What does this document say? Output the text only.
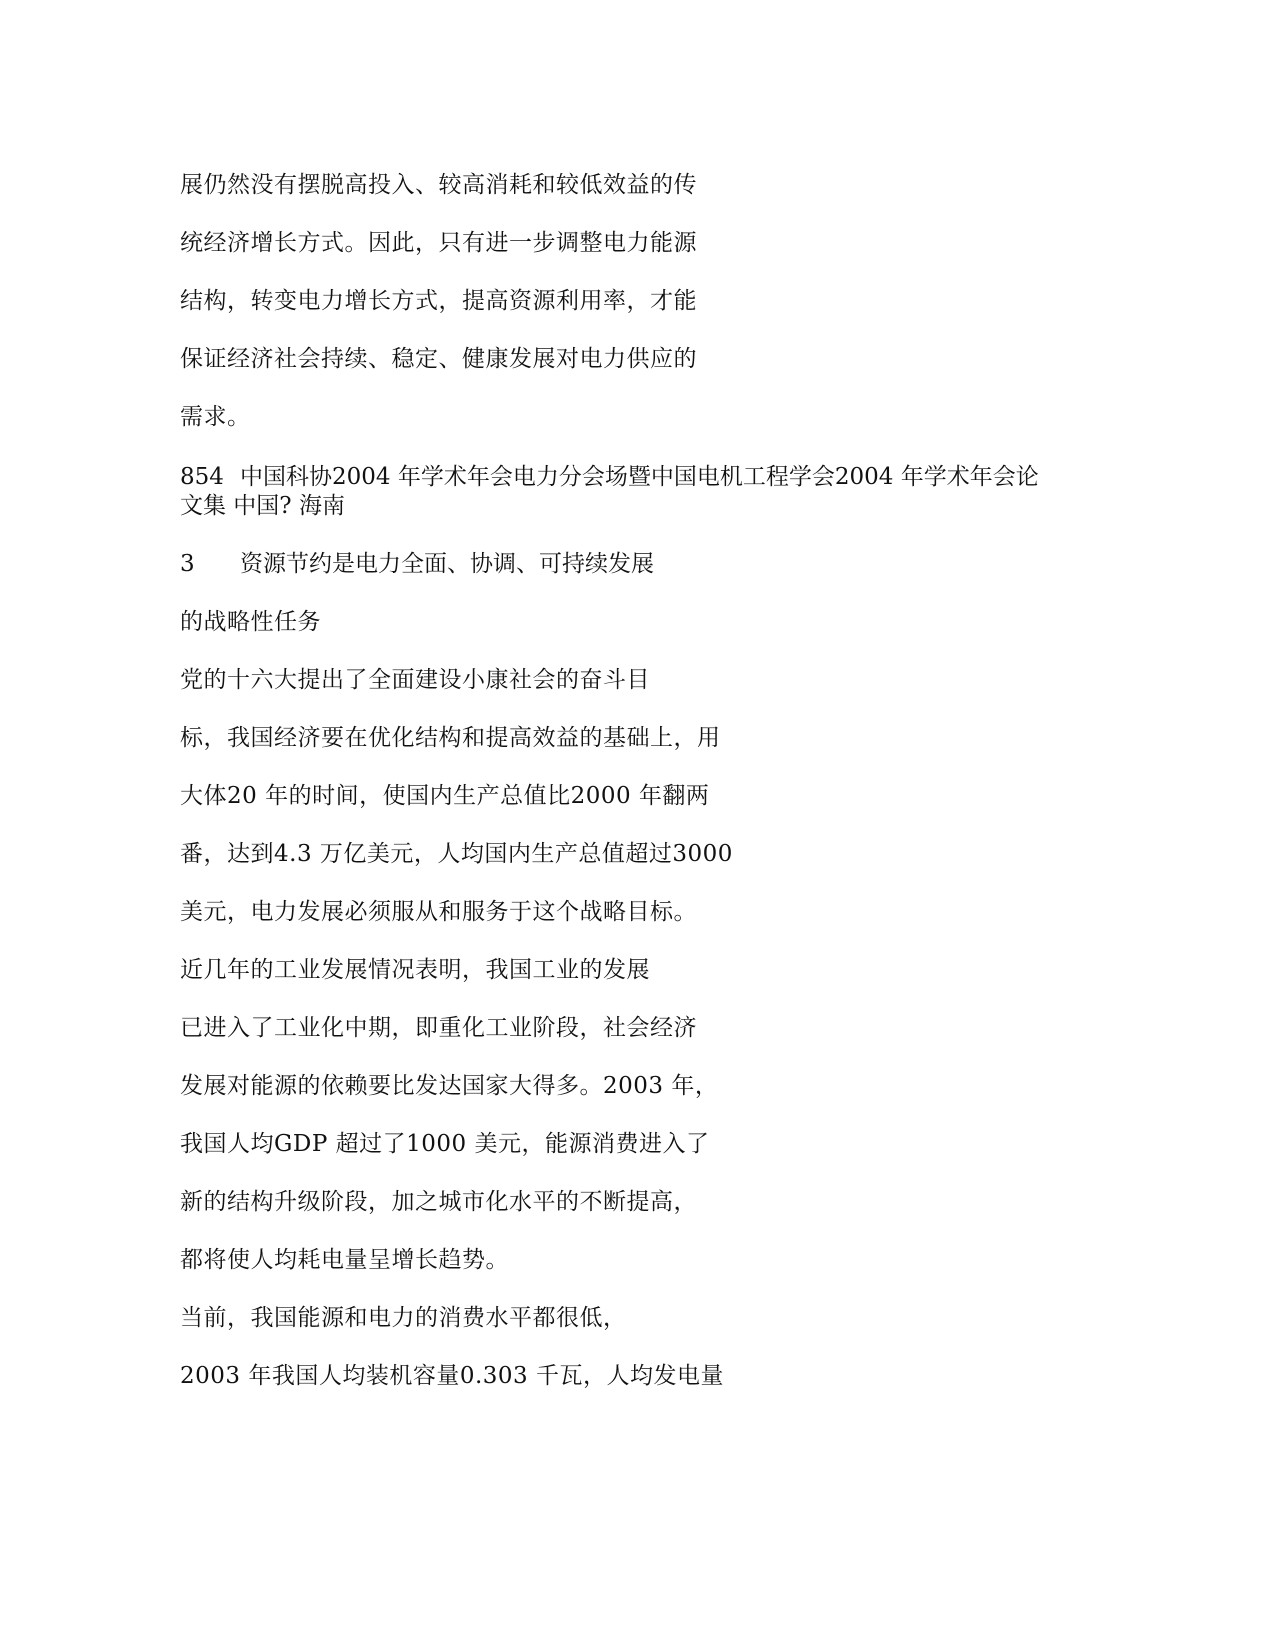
展仍然没有摆脱高投入、较高消耗和较低效益的传
统经济增长方式。因此，只有进一步调整电力能源
结构，转变电力增长方式，提高资源利用率，才能
保证经济社会持续、稳定、健康发展对电力供应的
需求。
854 中国科协2004 年学术年会电力分会场暨中国电机工程学会2004 年学术年会论
文集 中国? 海南
3 资源节约是电力全面、协调、可持续发展
的战略性任务
党的十六大提出了全面建设小康社会的奋斗目
标，我国经济要在优化结构和提高效益的基础上，用
大体20 年的时间，使国内生产总值比2000 年翻两
番，达到4.3 万亿美元，人均国内生产总值超过3000
美元，电力发展必须服从和服务于这个战略目标。
近几年的工业发展情况表明，我国工业的发展
已进入了工业化中期，即重化工业阶段，社会经济
发展对能源的依赖要比发达国家大得多。2003 年，
我国人均GDP 超过了1000 美元，能源消费进入了
新的结构升级阶段，加之城市化水平的不断提高，
都将使人均耗电量呈增长趋势。
当前，我国能源和电力的消费水平都很低，
2003 年我国人均装机容量0.303 千瓦，人均发电量
